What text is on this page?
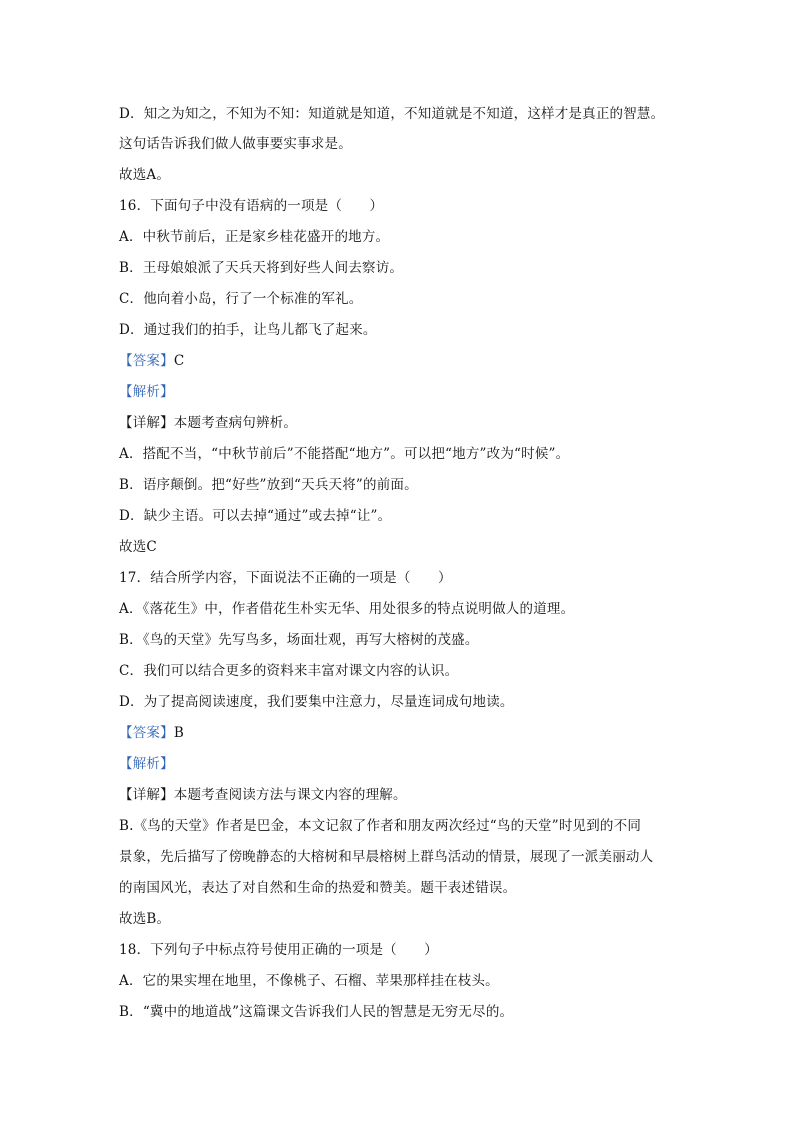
D．知之为知之，不知为不知：知道就是知道，不知道就是不知道，这样才是真正的智慧。
这句话告诉我们做人做事要实事求是。
故选A。
16．下面句子中没有语病的一项是（　　）
A．中秋节前后，正是家乡桂花盛开的地方。
B．王母娘娘派了天兵天将到好些人间去察访。
C．他向着小岛，行了一个标准的军礼。
D．通过我们的拍手，让鸟儿都飞了起来。
【答案】C
【解析】
【详解】本题考查病句辨析。
A．搭配不当，“中秋节前后”不能搭配“地方”。可以把“地方”改为“时候”。
B．语序颠倒。把“好些”放到“天兵天将”的前面。
D．缺少主语。可以去掉“通过”或去掉“让”。
故选C
17．结合所学内容，下面说法不正确的一项是（　　）
A．《落花生》中，作者借花生朴实无华、用处很多的特点说明做人的道理。
B．《鸟的天堂》先写鸟多，场面壮观，再写大榕树的茂盛。
C．我们可以结合更多的资料来丰富对课文内容的认识。
D．为了提高阅读速度，我们要集中注意力，尽量连词成句地读。
【答案】B
【解析】
【详解】本题考查阅读方法与课文内容的理解。
B.《鸟的天堂》作者是巴金，本文记叙了作者和朋友两次经过“鸟的天堂”时见到的不同
景象，先后描写了傍晚静态的大榕树和早晨榕树上群鸟活动的情景，展现了一派美丽动人
的南国风光，表达了对自然和生命的热爱和赞美。题干表述错误。
故选B。
18．下列句子中标点符号使用正确的一项是（　　）
A．它的果实埋在地里，不像桃子、石榴、苹果那样挂在枝头。
B．“冀中的地道战”这篇课文告诉我们人民的智慧是无穷无尽的。
